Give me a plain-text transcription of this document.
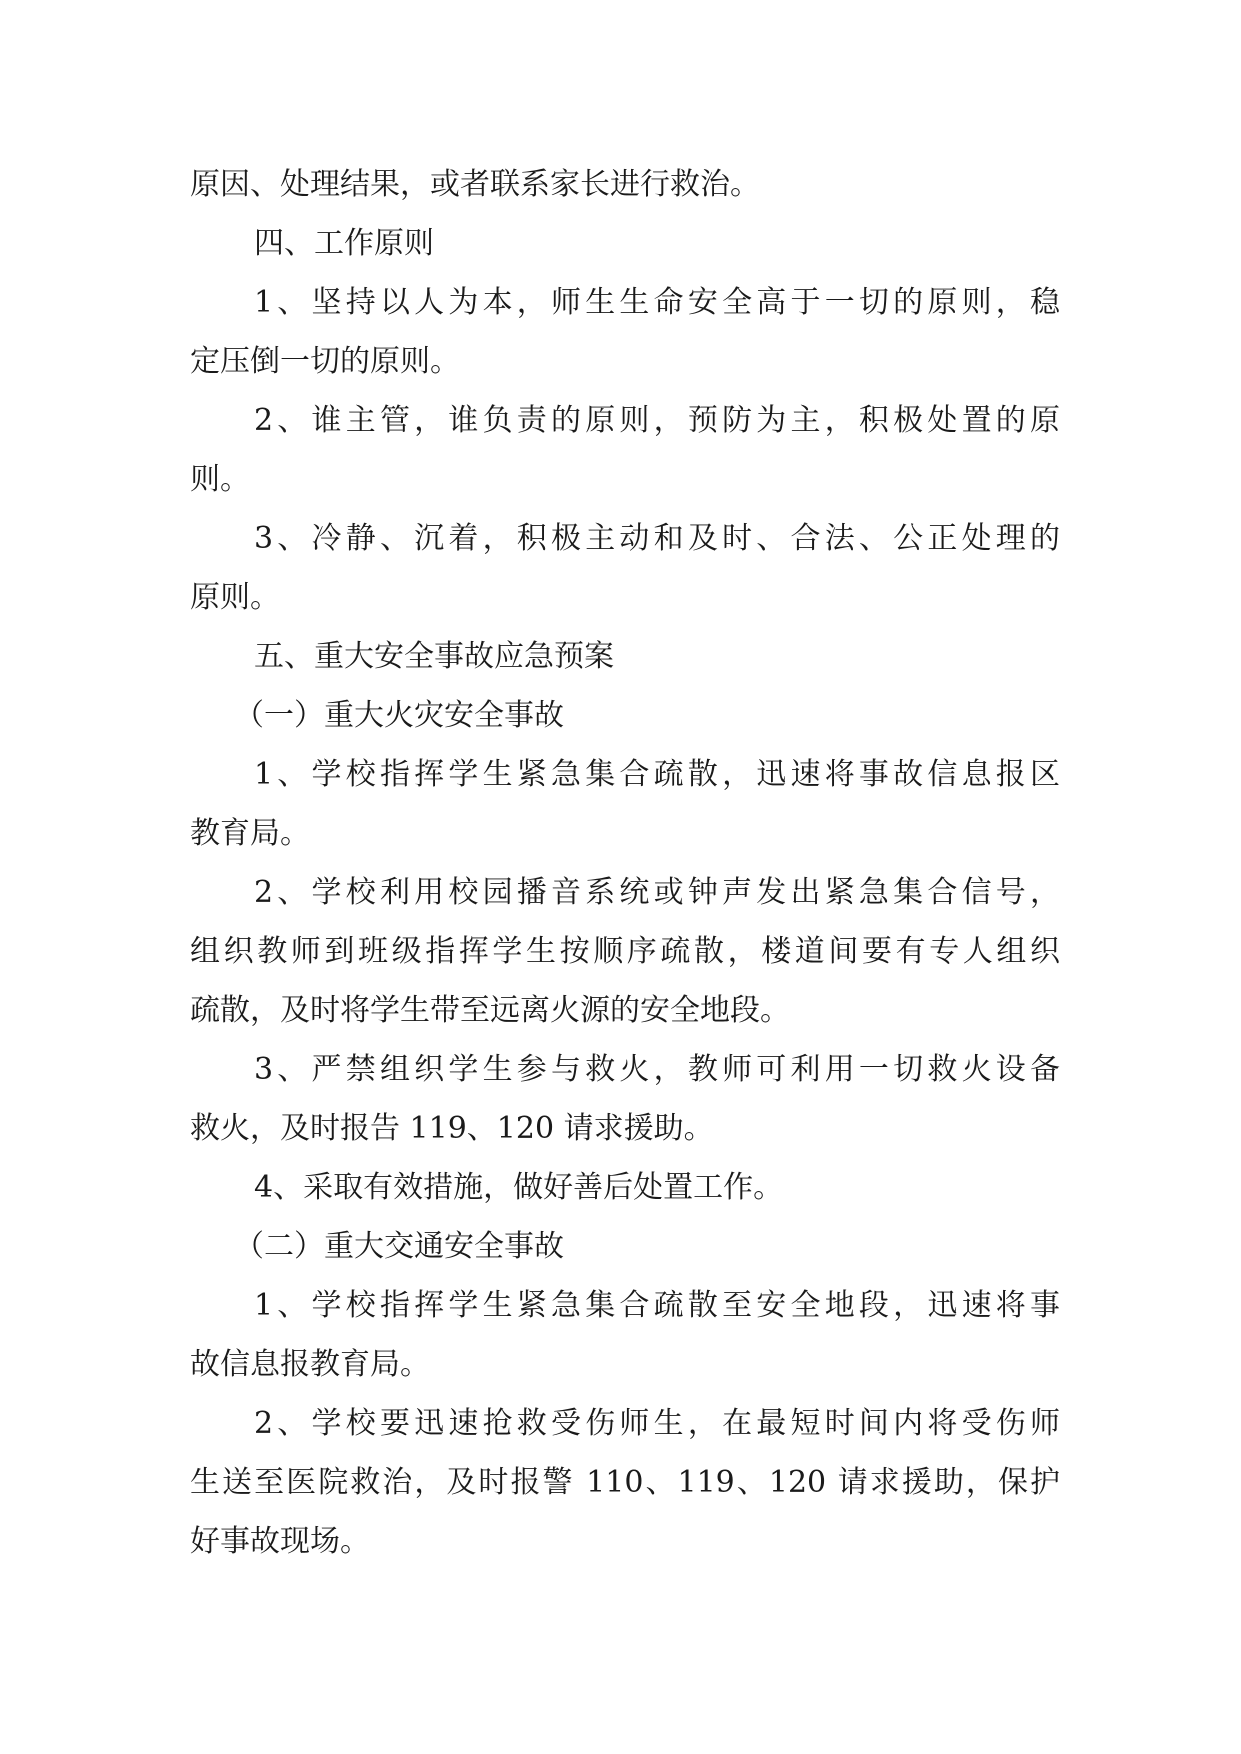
原因、处理结果，或者联系家长进行救治。
四、工作原则
1、坚持以人为本，师生生命安全高于一切的原则，稳
定压倒一切的原则。
2、谁主管，谁负责的原则，预防为主，积极处置的原
则。
3、冷静、沉着，积极主动和及时、合法、公正处理的
原则。
五、重大安全事故应急预案
（一）重大火灾安全事故
1、学校指挥学生紧急集合疏散，迅速将事故信息报区
教育局。
2、学校利用校园播音系统或钟声发出紧急集合信号，
组织教师到班级指挥学生按顺序疏散，楼道间要有专人组织
疏散，及时将学生带至远离火源的安全地段。
3、严禁组织学生参与救火，教师可利用一切救火设备
救火，及时报告 119、120 请求援助。
4、采取有效措施，做好善后处置工作。
（二）重大交通安全事故
1、学校指挥学生紧急集合疏散至安全地段，迅速将事
故信息报教育局。
2、学校要迅速抢救受伤师生，在最短时间内将受伤师
生送至医院救治，及时报警 110、119、120 请求援助，保护
好事故现场。
